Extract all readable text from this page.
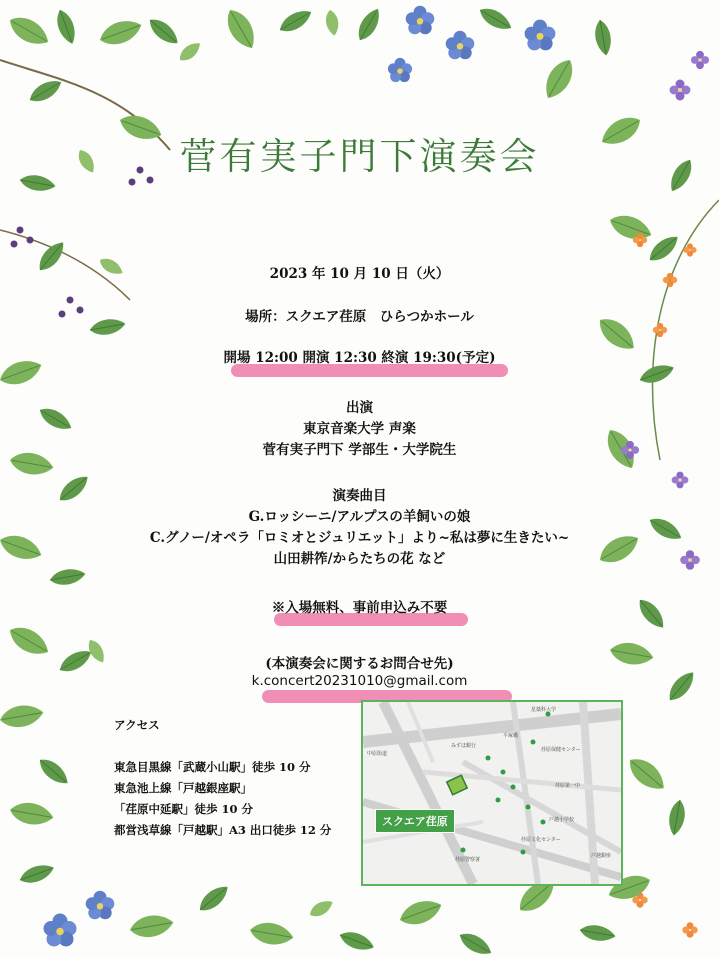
菅有実子門下演奏会
2023 年 10 月 10 日（火）
場所：スクエア荏原　ひらつかホール
開場 12:00 開演 12:30 終演 19:30(予定)
出演
東京音楽大学 声楽
菅有実子門下 学部生・大学院生
演奏曲目
G.ロッシーニ/アルプスの羊飼いの娘
C.グノー/オペラ「ロミオとジュリエット」より~私は夢に生きたい~
山田耕筰/からたちの花 など
※入場無料、事前申込み不要
(本演奏会に関するお問合せ先)
k.concert20231010@gmail.com
アクセス
東急目黒線「武蔵小山駅」徒歩 10 分
東急池上線「戸越銀座駅」
「荏原中延駅」徒歩 10 分
都営浅草線「戸越駅」A3 出口徒歩 12 分
星薬科大学
みずほ銀行
平塚橋
荏原保健センター
戸越小学校
荏原第一中
荏原文化センター
荏原警察署
中原街道
戸越銀座
スクエア荏原
